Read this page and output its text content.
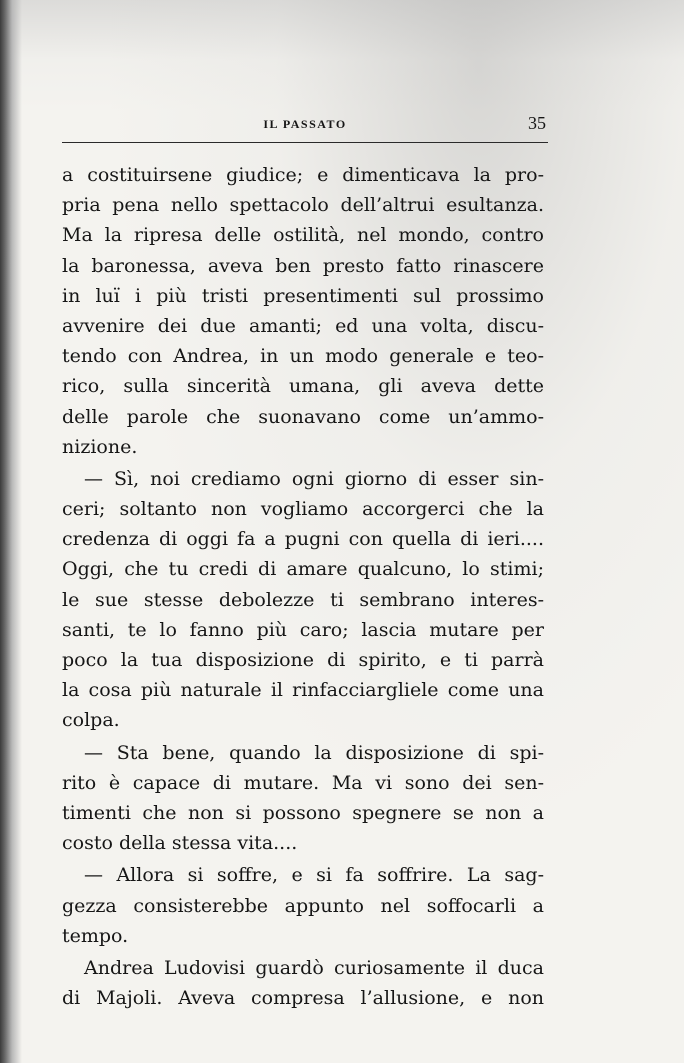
IL PASSATO	35
a costituirsene giudice; e dimenticava la pro-
pria pena nello spettacolo dell’altrui esultanza.
Ma la ripresa delle ostilità, nel mondo, contro
la baronessa, aveva ben presto fatto rinascere
in luï i più tristi presentimenti sul prossimo
avvenire dei due amanti; ed una volta, discu-
tendo con Andrea, in un modo generale e teo-
rico, sulla sincerità umana, gli aveva dette
delle parole che suonavano come un’ammo-
nizione.
— Sì, noi crediamo ogni giorno di esser sin-
ceri; soltanto non vogliamo accorgerci che la
credenza di oggi fa a pugni con quella di ieri....
Oggi, che tu credi di amare qualcuno, lo stimi;
le sue stesse debolezze ti sembrano interes-
santi, te lo fanno più caro; lascia mutare per
poco la tua disposizione di spirito, e ti parrà
la cosa più naturale il rinfacciargliele come una
colpa.
— Sta bene, quando la disposizione di spi-
rito è capace di mutare. Ma vi sono dei sen-
timenti che non si possono spegnere se non a
costo della stessa vita....
— Allora si soffre, e si fa soffrire. La sag-
gezza consisterebbe appunto nel soffocarli a
tempo.
Andrea Ludovisi guardò curiosamente il duca
di Majoli. Aveva compresa l’allusione, e non
